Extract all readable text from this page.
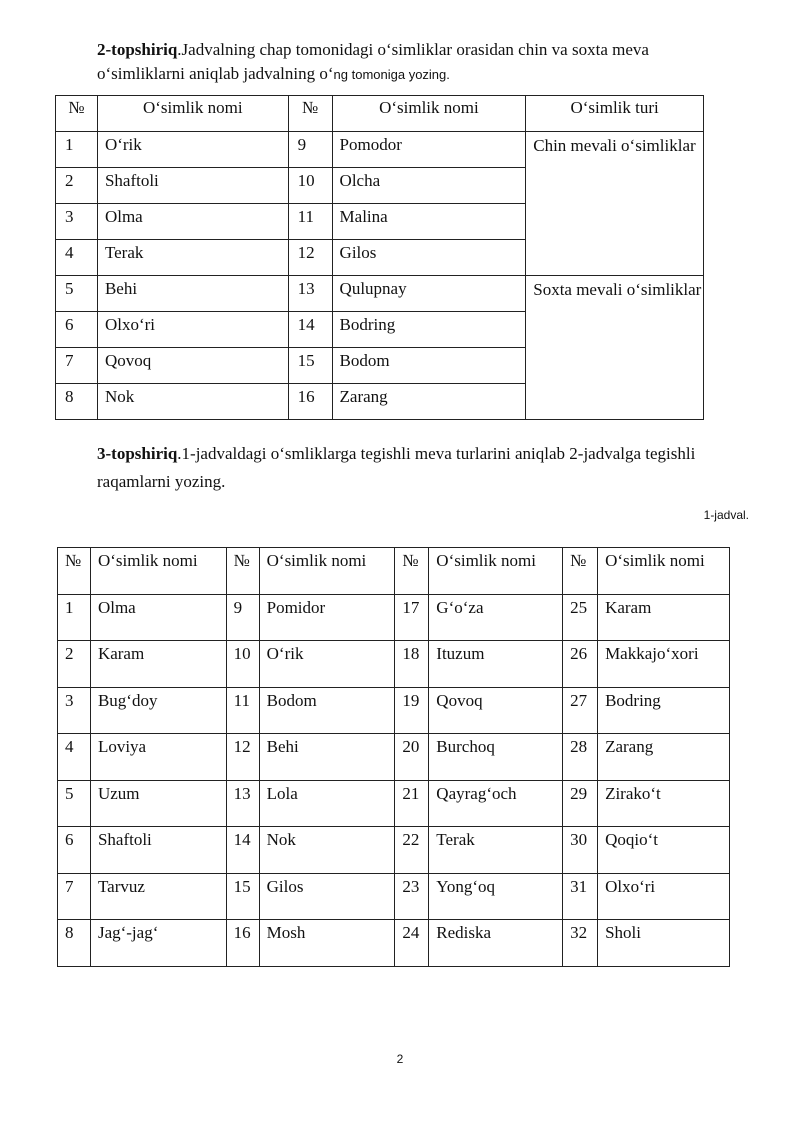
2-topshiriq.Jadvalning chap tomonidagi o‘simliklar orasidan chin va soxta meva o‘simliklarni aniqlab jadvalning o‘ng tomoniga yozing.
№	O‘simlik nomi	№	O‘simlik nomi	O‘simlik turi
1	O‘rik	9	Pomodor	Chin mevali o‘simliklar
2	Shaftoli	10	Olcha	
3	Olma	11	Malina	
4	Terak	12	Gilos	
5	Behi	13	Qulupnay	Soxta mevali o‘simliklar
6	Olxo‘ri	14	Bodring	
7	Qovoq	15	Bodom	
8	Nok	16	Zarang	
3-topshiriq.1-jadvaldagi o‘smliklarga tegishli meva turlarini aniqlab 2-jadvalga tegishli raqamlarni yozing.
1-jadval.
№	O‘simlik nomi	№	O‘simlik nomi	№	O‘simlik nomi	№	O‘simlik nomi
1	Olma	9	Pomidor	17	G‘o‘za	25	Karam
2	Karam	10	O‘rik	18	Ituzum	26	Makkajo‘xori
3	Bug‘doy	11	Bodom	19	Qovoq	27	Bodring
4	Loviya	12	Behi	20	Burchoq	28	Zarang
5	Uzum	13	Lola	21	Qayrag‘och	29	Zirako‘t
6	Shaftoli	14	Nok	22	Terak	30	Qoqio‘t
7	Tarvuz	15	Gilos	23	Yong‘oq	31	Olxo‘ri
8	Jag‘-jag‘	16	Mosh	24	Rediska	32	Sholi
2
